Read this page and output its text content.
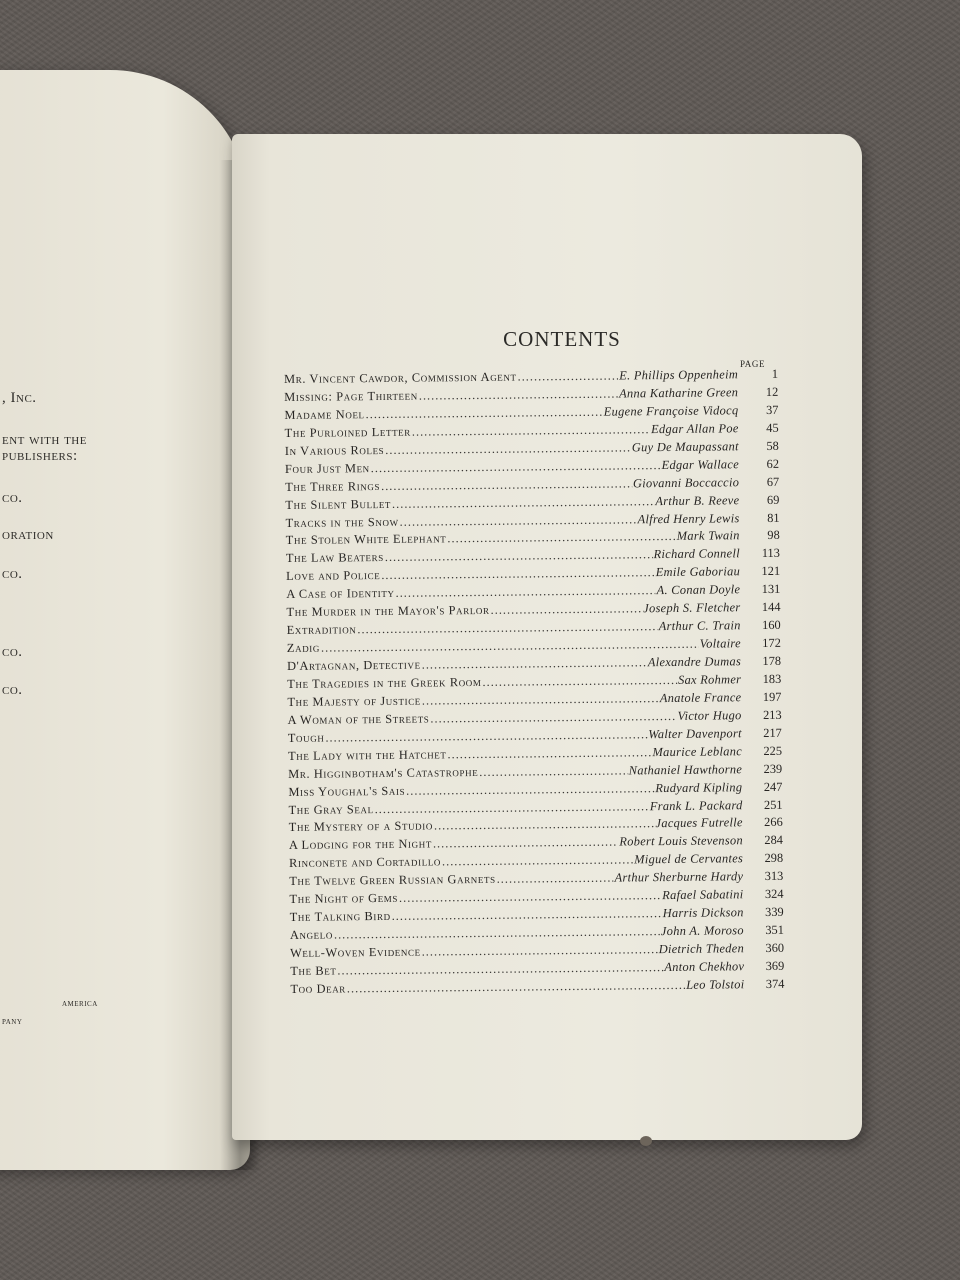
, Inc.
ent with the
publishers:
co.
oration
co.
co.
co.
america
pany
CONTENTS
PAGE
Mr. Vincent Cawdor, Commission Agent .....	E. Phillips Oppenheim	1
Missing: Page Thirteen .....	Anna Katharine Green	12
Madame Noel .....	Eugene Françoise Vidocq	37
The Purloined Letter .....	Edgar Allan Poe	45
In Various Roles .....	Guy De Maupassant	58
Four Just Men .....	Edgar Wallace	62
The Three Rings .....	Giovanni Boccaccio	67
The Silent Bullet .....	Arthur B. Reeve	69
Tracks in the Snow .....	Alfred Henry Lewis	81
The Stolen White Elephant .....	Mark Twain	98
The Law Beaters .....	Richard Connell	113
Love and Police .....	Emile Gaboriau	121
A Case of Identity .....	A. Conan Doyle	131
The Murder in the Mayor's Parlor .....	Joseph S. Fletcher	144
Extradition .....	Arthur C. Train	160
Zadig .....	Voltaire	172
D'Artagnan, Detective .....	Alexandre Dumas	178
The Tragedies in the Greek Room .....	Sax Rohmer	183
The Majesty of Justice .....	Anatole France	197
A Woman of the Streets .....	Victor Hugo	213
Tough .....	Walter Davenport	217
The Lady with the Hatchet .....	Maurice Leblanc	225
Mr. Higginbotham's Catastrophe .....	Nathaniel Hawthorne	239
Miss Youghal's Sais .....	Rudyard Kipling	247
The Gray Seal .....	Frank L. Packard	251
The Mystery of a Studio .....	Jacques Futrelle	266
A Lodging for the Night .....	Robert Louis Stevenson	284
Rinconete and Cortadillo .....	Miguel de Cervantes	298
The Twelve Green Russian Garnets .....	Arthur Sherburne Hardy	313
The Night of Gems .....	Rafael Sabatini	324
The Talking Bird .....	Harris Dickson	339
Angelo .....	John A. Moroso	351
Well-Woven Evidence .....	Dietrich Theden	360
The Bet .....	Anton Chekhov	369
Too Dear .....	Leo Tolstoi	374
